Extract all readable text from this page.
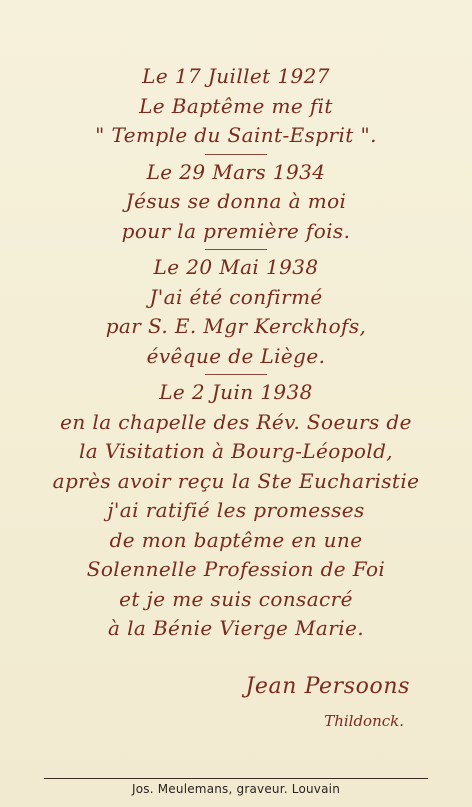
Le 17 Juillet 1927
Le Baptême me fit
" Temple du Saint-Esprit ".
Le 29 Mars 1934
Jésus se donna à moi
pour la première fois.
Le 20 Mai 1938
J'ai été confirmé
par S. E. Mgr Kerckhofs,
évêque de Liège.
Le 2 Juin 1938
en la chapelle des Rév. Soeurs de
la Visitation à Bourg-Léopold,
après avoir reçu la Ste Eucharistie
j'ai ratifié les promesses
de mon baptême en une
Solennelle Profession de Foi
et je me suis consacré
à la Bénie Vierge Marie.
Jean Persoons
Thildonck.
Jos. Meulemans, graveur. Louvain
